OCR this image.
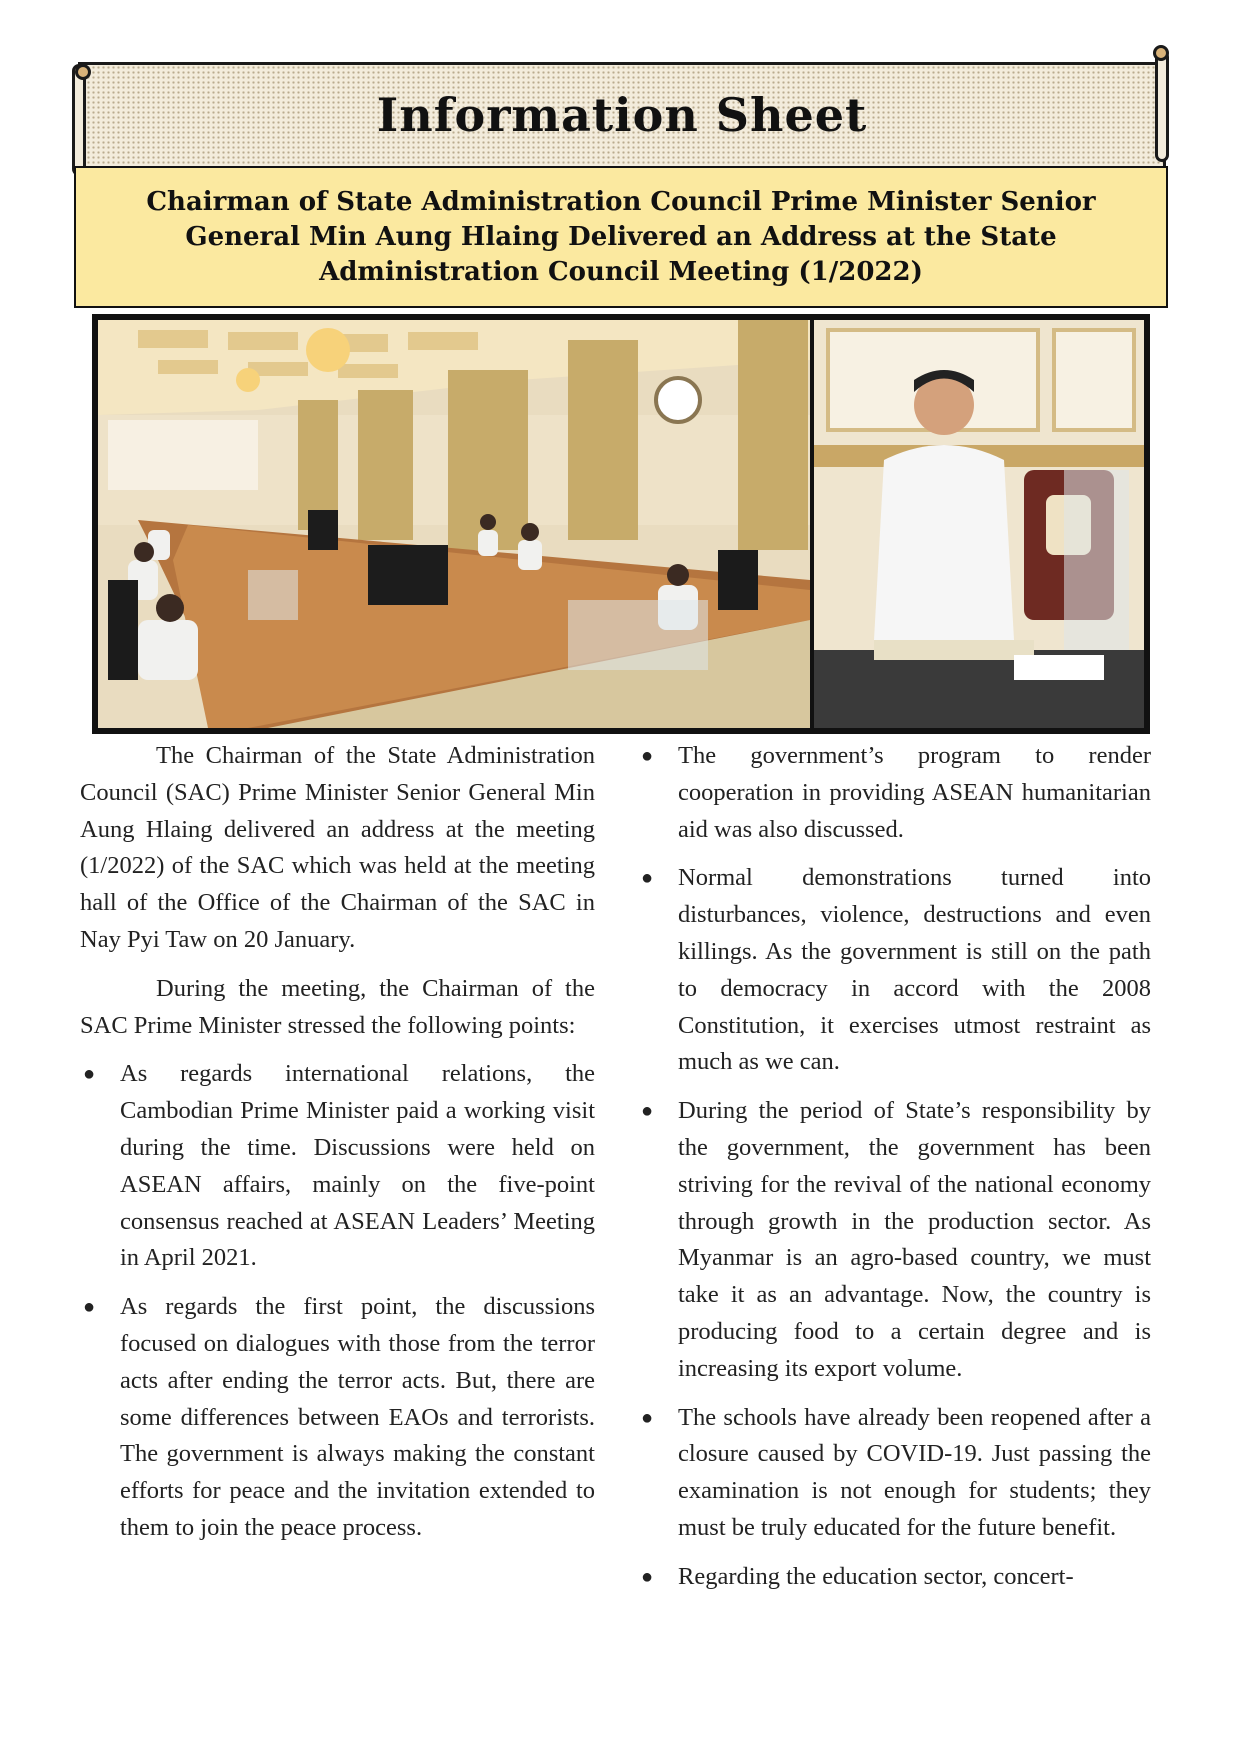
Information Sheet
Chairman of State Administration Council Prime Minister Senior General Min Aung Hlaing Delivered an Address at the State Administration Council Meeting (1/2022)

The Chairman of the State Administration Council (SAC) Prime Minister Senior General Min Aung Hlaing delivered an address at the meeting (1/2022) of the SAC which was held at the meeting hall of the Office of the Chairman of the SAC in Nay Pyi Taw on 20 January.

During the meeting, the Chairman of the SAC Prime Minister stressed the following points:

● As regards international relations, the Cambodian Prime Minister paid a working visit during the time. Discussions were held on ASEAN affairs, mainly on the five-point consensus reached at ASEAN Leaders’ Meeting in April 2021.
● As regards the first point, the discussions focused on dialogues with those from the terror acts after ending the terror acts. But, there are some differences between EAOs and terrorists. The government is always making the constant efforts for peace and the invitation extended to them to join the peace process.
● The government’s program to render cooperation in providing ASEAN humanitarian aid was also discussed.
● Normal demonstrations turned into disturbances, violence, destructions and even killings. As the government is still on the path to democracy in accord with the 2008 Constitution, it exercises utmost restraint as much as we can.
● During the period of State’s responsibility by the government, the government has been striving for the revival of the national economy through growth in the production sector. As Myanmar is an agro-based country, we must take it as an advantage. Now, the country is producing food to a certain degree and is increasing its export volume.
● The schools have already been reopened after a closure caused by COVID-19. Just passing the examination is not enough for students; they must be truly educated for the future benefit.
● Regarding the education sector, concert-
